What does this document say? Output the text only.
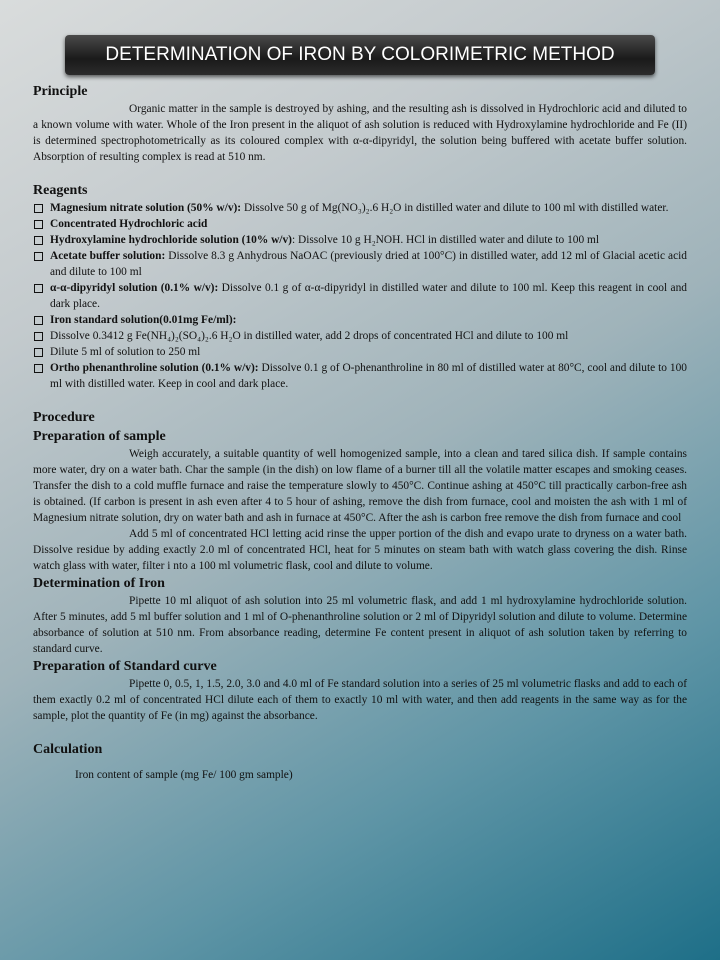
DETERMINATION OF IRON BY COLORIMETRIC METHOD
Principle

Organic matter in the sample is destroyed by ashing, and the resulting ash is dissolved in Hydrochloric acid and diluted to a known volume with water. Whole of the Iron present in the aliquot of ash solution is reduced with Hydroxylamine hydrochloride and Fe (II) is determined spectrophotometrically as its coloured complex with α-α-dipyridyl, the solution being buffered with acetate buffer solution. Absorption of resulting complex is read at 510 nm.

Reagents
Magnesium nitrate solution (50% w/v): Dissolve 50 g of Mg(NO₃)₂.6 H₂O in distilled water and dilute to 100 ml with distilled water.
Concentrated Hydrochloric acid
Hydroxylamine hydrochloride solution (10% w/v): Dissolve 10 g H₂NOH. HCl in distilled water and dilute to 100 ml
Acetate buffer solution: Dissolve 8.3 g Anhydrous NaOAC (previously dried at 100°C) in distilled water, add 12 ml of Glacial acetic acid and dilute to 100 ml
α-α-dipyridyl solution (0.1% w/v): Dissolve 0.1 g of α-α-dipyridyl in distilled water and dilute to 100 ml. Keep this reagent in cool and dark place.
Iron standard solution(0.01mg Fe/ml):
Dissolve 0.3412 g Fe(NH₄)₂(SO₄)₂.6 H₂O in distilled water, add 2 drops of concentrated HCl and dilute to 100 ml
Dilute 5 ml of solution to 250 ml
Ortho phenanthroline solution (0.1% w/v): Dissolve 0.1 g of O-phenanthroline in 80 ml of distilled water at 80°C, cool and dilute to 100 ml with distilled water. Keep in cool and dark place.
Procedure
Preparation of sample

Weigh accurately, a suitable quantity of well homogenized sample, into a clean and tared silica dish. If sample contains more water, dry on a water bath. Char the sample (in the dish) on low flame of a burner till all the volatile matter escapes and smoking ceases. Transfer the dish to a cold muffle furnace and raise the temperature slowly to 450°C. Continue ashing at 450°C till practically carbon-free ash is obtained. (If carbon is present in ash even after 4 to 5 hour of ashing, remove the dish from furnace, cool and moisten the ash with 1 ml of Magnesium nitrate solution, dry on water bath and ash in furnace at 450°C. After the ash is carbon free remove the dish from furnace and cool

Add 5 ml of concentrated HCl letting acid rinse the upper portion of the dish and evapo urate to dryness on a water bath. Dissolve residue by adding exactly 2.0 ml of concentrated HCl, heat for 5 minutes on steam bath with watch glass covering the dish. Rinse watch glass with water, filter i nto a 100 ml volumetric flask, cool and dilute to volume.

Determination of Iron

Pipette 10 ml aliquot of ash solution into 25 ml volumetric flask, and add 1 ml hydroxylamine hydrochloride solution. After 5 minutes, add 5 ml buffer solution and 1 ml of O-phenanthroline solution or 2 ml of Dipyridyl solution and dilute to volume. Determine absorbance of solution at 510 nm. From absorbance reading, determine Fe content present in aliquot of ash solution taken by referring to standard curve.

Preparation of Standard curve

Pipette 0, 0.5, 1, 1.5, 2.0, 3.0 and 4.0 ml of Fe standard solution into a series of 25 ml volumetric flasks and add to each of them exactly 0.2 ml of concentrated HCl dilute each of them to exactly 10 ml with water, and then add reagents in the same way as for the sample, plot the quantity of Fe (in mg) against the absorbance.

Calculation

Iron content of sample (mg Fe/ 100 gm sample)
